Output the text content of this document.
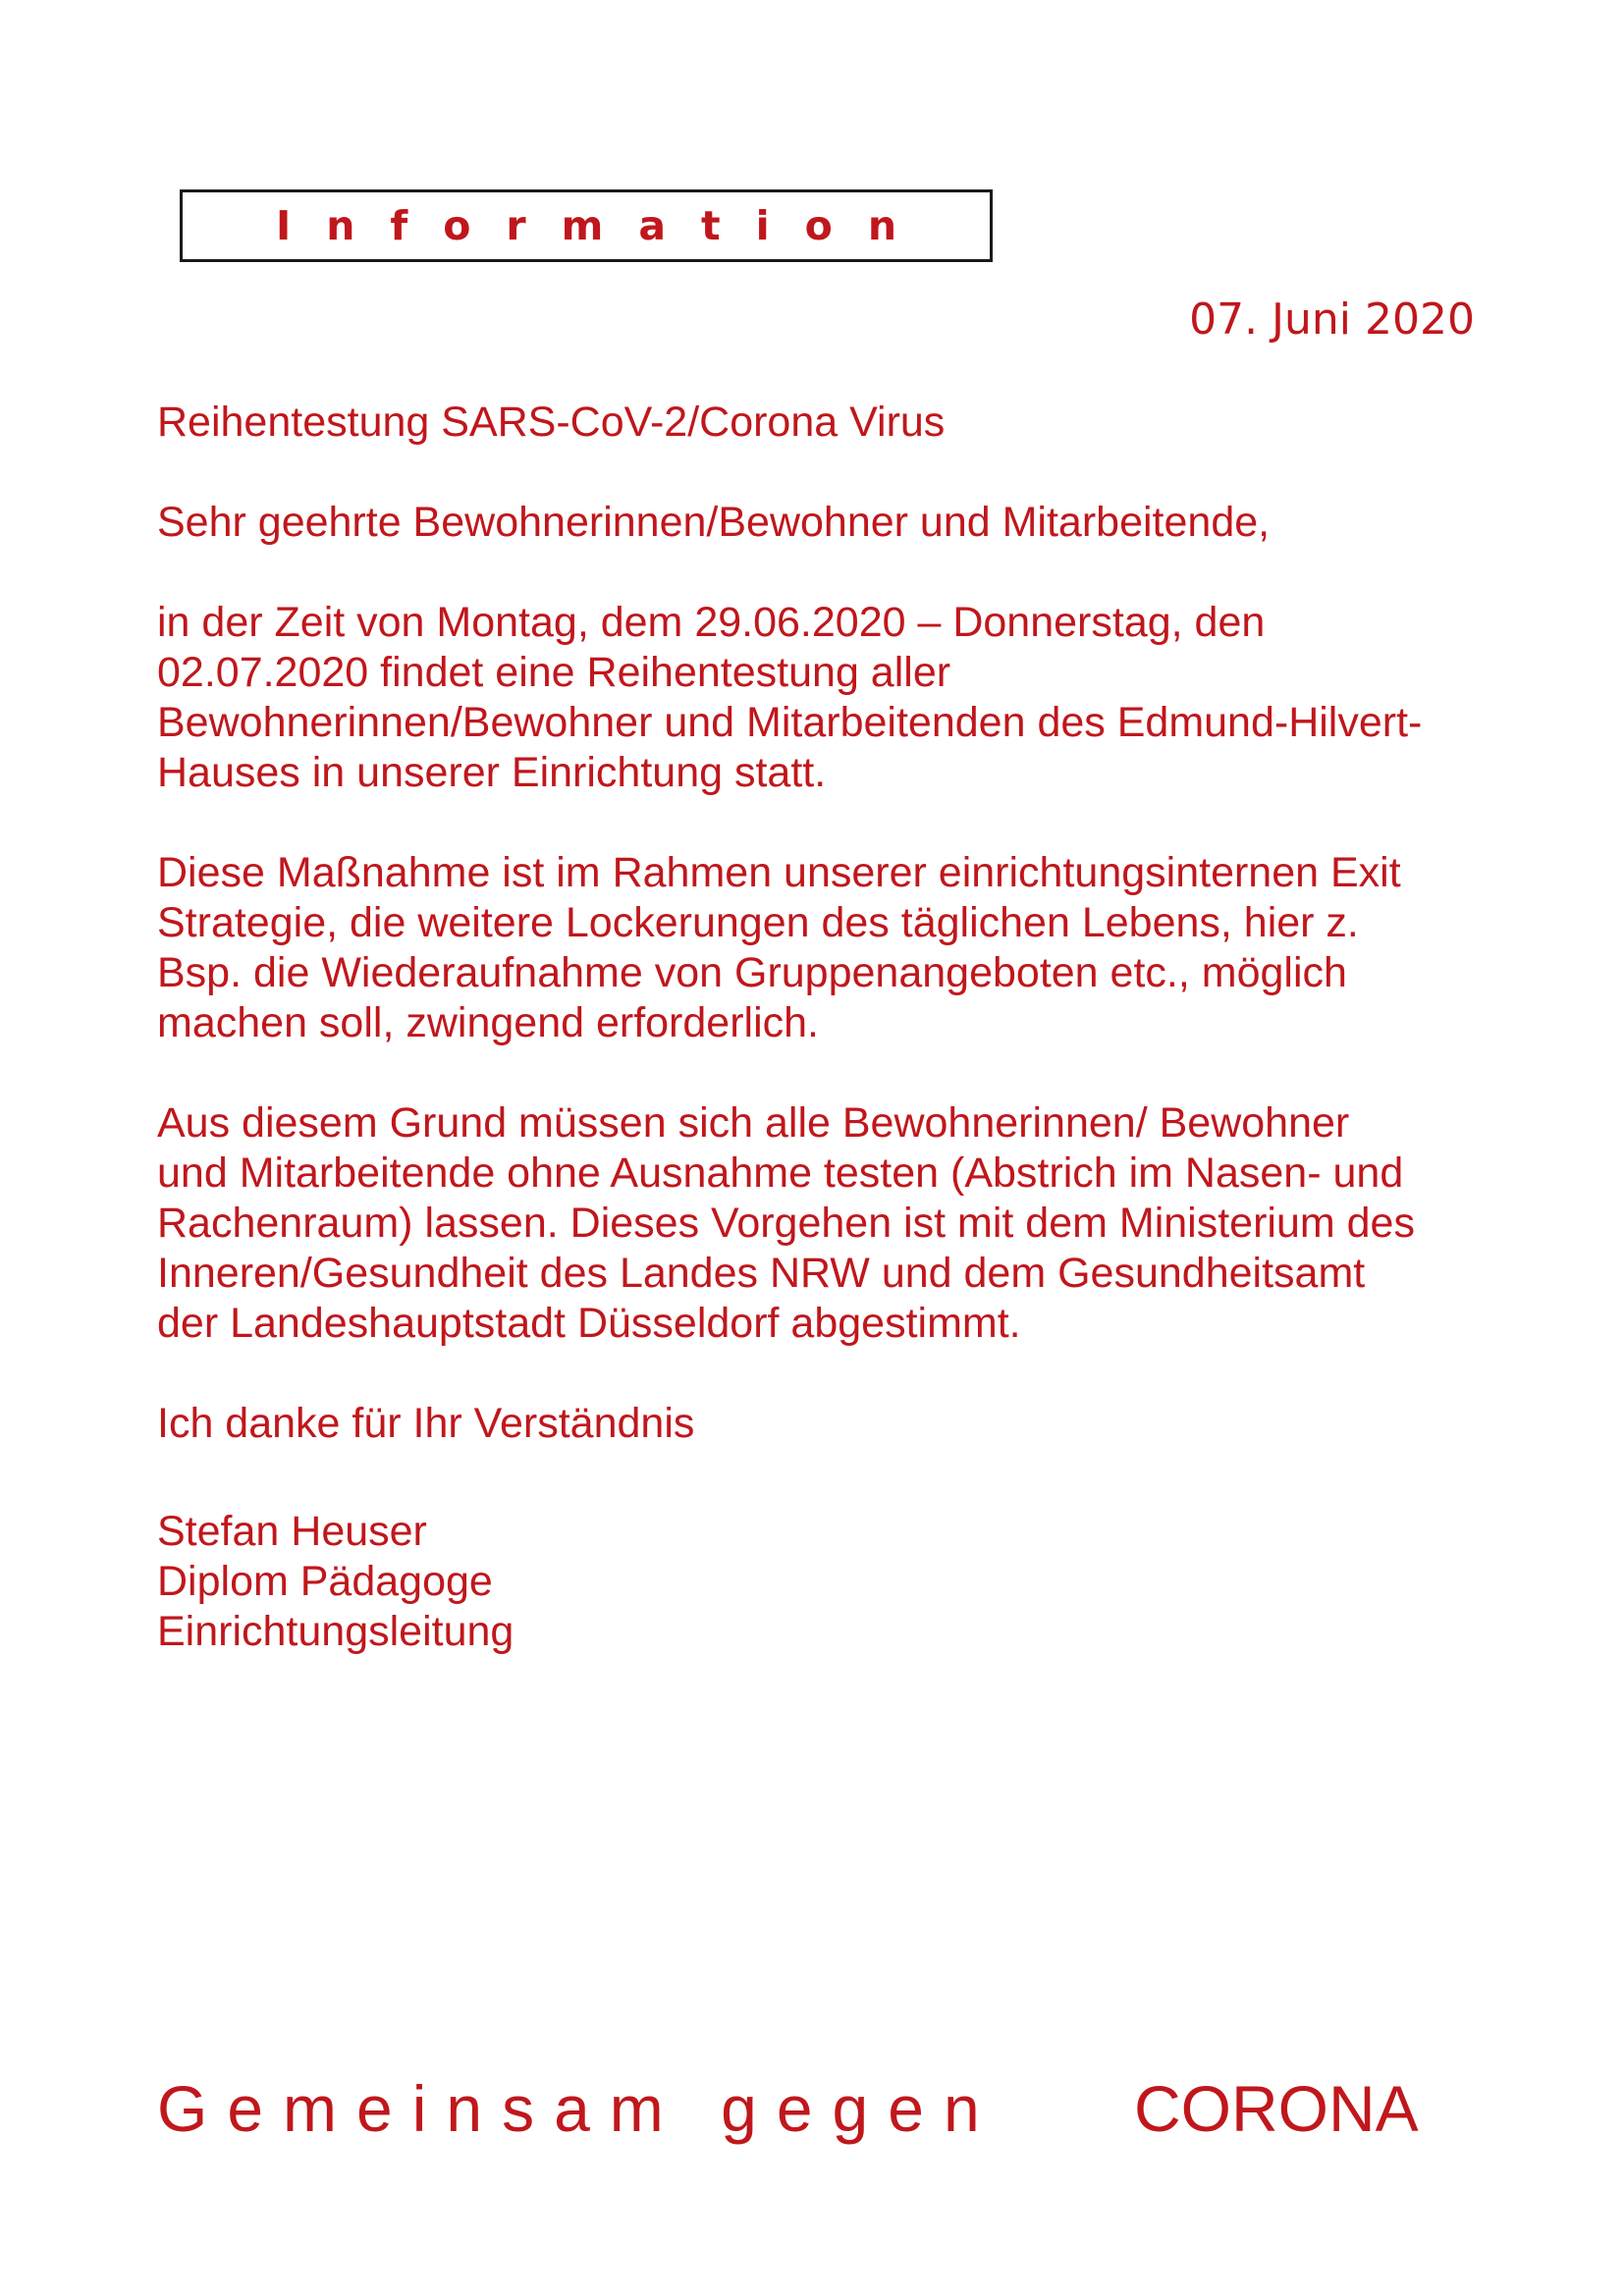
Information
07. Juni 2020

Reihentestung SARS-CoV-2/Corona Virus

Sehr geehrte Bewohnerinnen/Bewohner und Mitarbeitende,

in der Zeit von Montag, dem 29.06.2020 – Donnerstag, den
02.07.2020 findet eine Reihentestung aller
Bewohnerinnen/Bewohner und Mitarbeitenden des Edmund-Hilvert-
Hauses in unserer Einrichtung statt.

Diese Maßnahme ist im Rahmen unserer einrichtungsinternen Exit
Strategie, die weitere Lockerungen des täglichen Lebens, hier z.
Bsp. die Wiederaufnahme von Gruppenangeboten etc., möglich
machen soll, zwingend erforderlich.

Aus diesem Grund müssen sich alle Bewohnerinnen/ Bewohner
und Mitarbeitende ohne Ausnahme testen (Abstrich im Nasen- und
Rachenraum) lassen. Dieses Vorgehen ist mit dem Ministerium des
Inneren/Gesundheit des Landes NRW und dem Gesundheitsamt
der Landeshauptstadt Düsseldorf abgestimmt.

Ich danke für Ihr Verständnis

Stefan Heuser
Diplom Pädagoge
Einrichtungsleitung
Gemeinsam gegen CORONA
